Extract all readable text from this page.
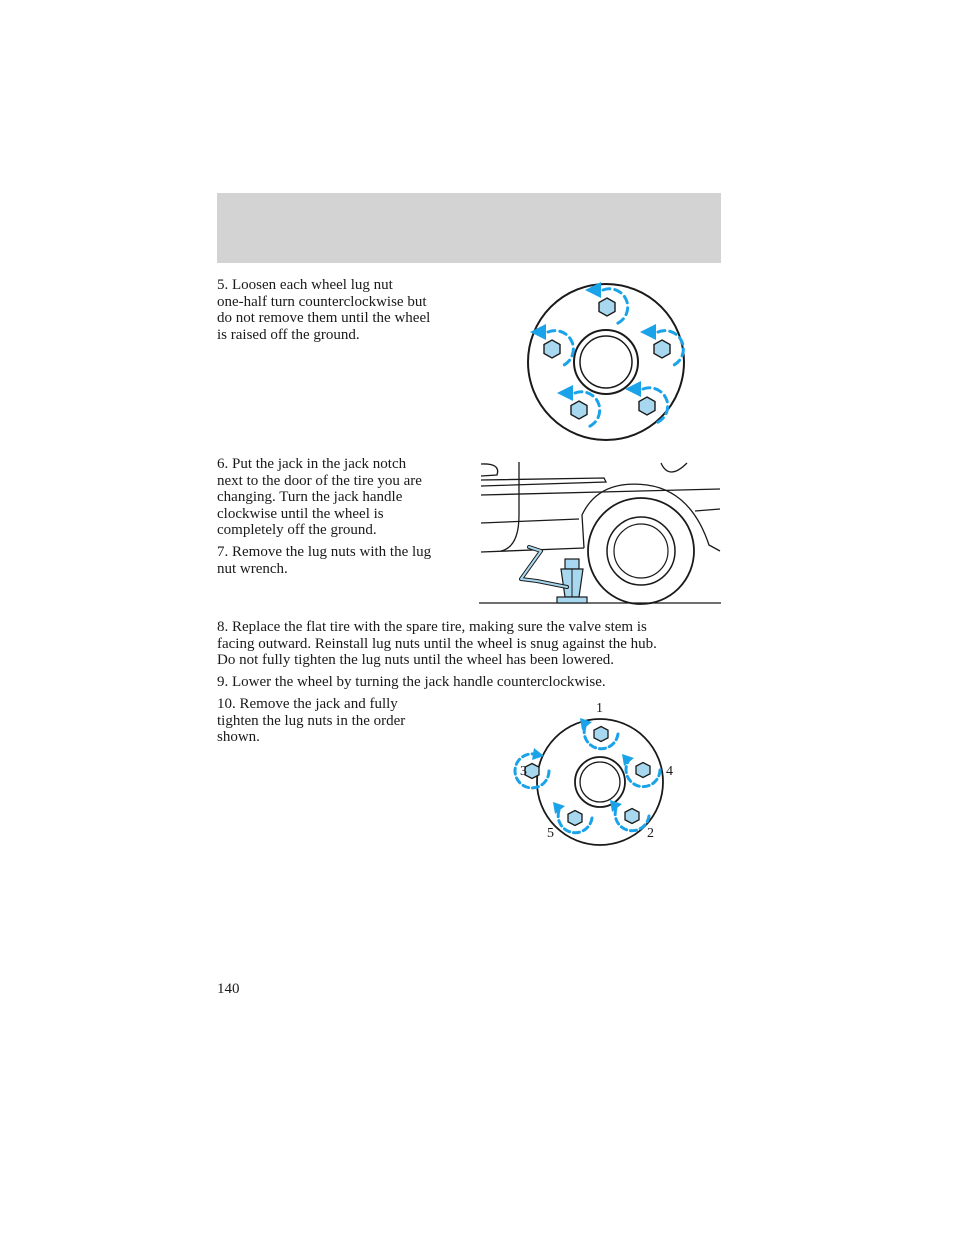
5. Loosen each wheel lug nut
one-half turn counterclockwise but
do not remove them until the wheel
is raised off the ground.

6. Put the jack in the jack notch
next to the door of the tire you are
changing. Turn the jack handle
clockwise until the wheel is
completely off the ground.

7. Remove the lug nuts with the lug
nut wrench.

8. Replace the flat tire with the spare tire, making sure the valve stem is
facing outward. Reinstall lug nuts until the wheel is snug against the hub.
Do not fully tighten the lug nuts until the wheel has been lowered.

9. Lower the wheel by turning the jack handle counterclockwise.

10. Remove the jack and fully
tighten the lug nuts in the order
shown.

1
3	4
5	2
140
